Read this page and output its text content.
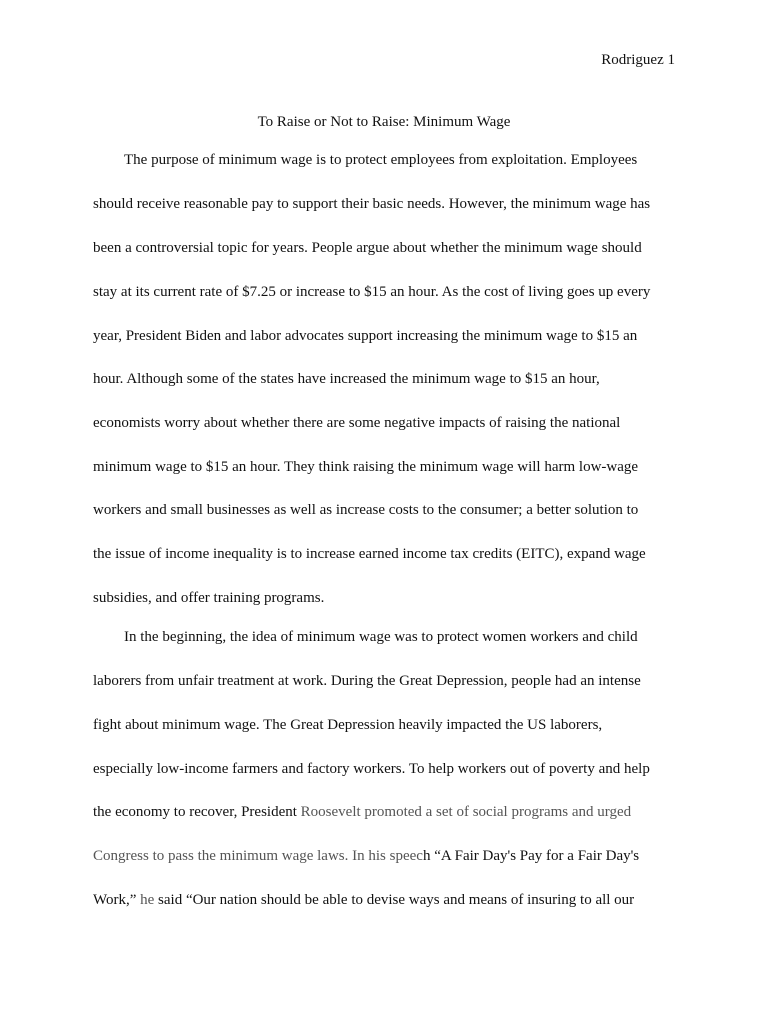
Rodriguez 1
To Raise or Not to Raise: Minimum Wage
The purpose of minimum wage is to protect employees from exploitation. Employees
should receive reasonable pay to support their basic needs. However, the minimum wage has
been a controversial topic for years. People argue about whether the minimum wage should
stay at its current rate of $7.25 or increase to $15 an hour. As the cost of living goes up every
year, President Biden and labor advocates support increasing the minimum wage to $15 an
hour. Although some of the states have increased the minimum wage to $15 an hour,
economists worry about whether there are some negative impacts of raising the national
minimum wage to $15 an hour. They think raising the minimum wage will harm low-wage
workers and small businesses as well as increase costs to the consumer; a better solution to
the issue of income inequality is to increase earned income tax credits (EITC), expand wage
subsidies, and offer training programs.
In the beginning, the idea of minimum wage was to protect women workers and child
laborers from unfair treatment at work. During the Great Depression, people had an intense
fight about minimum wage. The Great Depression heavily impacted the US laborers,
especially low-income farmers and factory workers. To help workers out of poverty and help
the economy to recover, President Roosevelt promoted a set of social programs and urged
Congress to pass the minimum wage laws. In his speech “A Fair Day's Pay for a Fair Day's
Work,” he said “Our nation should be able to devise ways and means of insuring to all our
